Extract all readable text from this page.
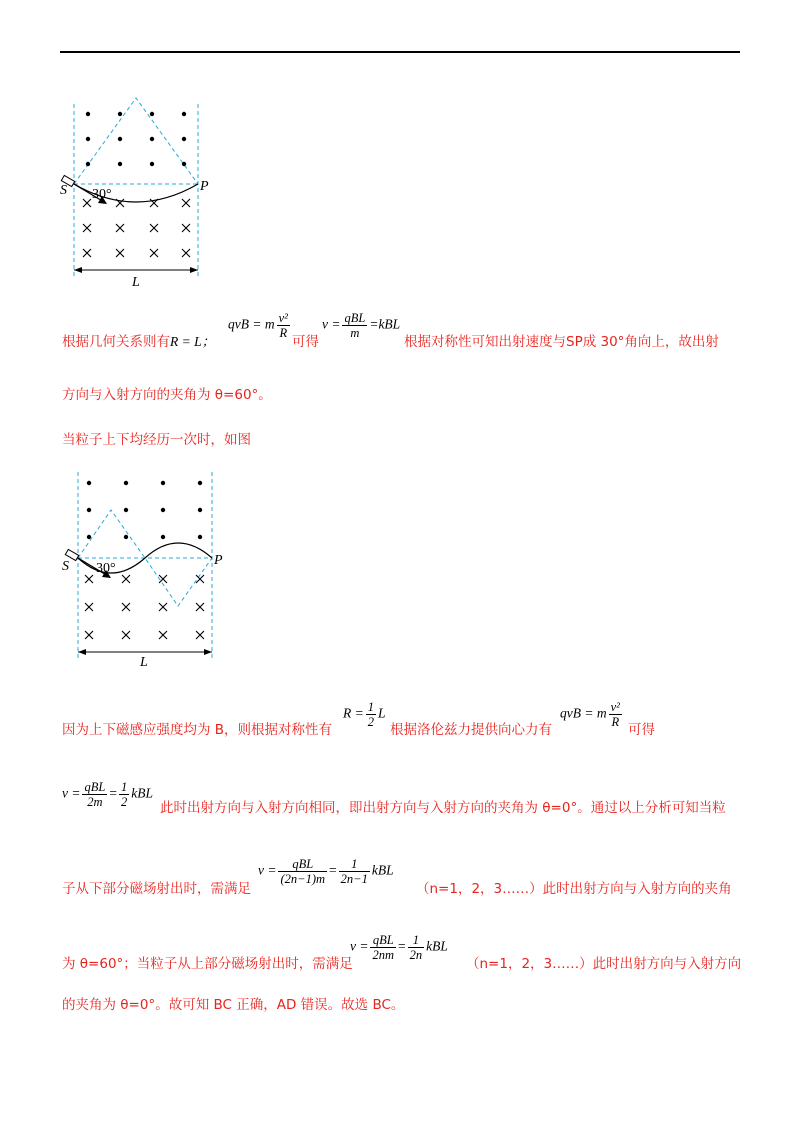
S	P
30°
L
根据几何关系则有R = L；
qvB = m $\frac{\text{v²}}{R}$
可得
$v = \frac{\text{qBL}}{m} =kBL$
根据对称性可知出射速度与SP成 30°角向上，故出射
方向与入射方向的夹角为 θ=60°。
当粒子上下均经历一次时，如图
S	P
30°
L
因为上下磁感应强度均为 B，则根据对称性有
$R = \frac{1}{2}$ L
根据洛伦兹力提供向心力有
qvB = m $\frac{\text{v²}}{R}$
可得
$v = \frac{\text{qBL}}{2m} = \frac{1}{2}$ kBL
此时出射方向与入射方向相同，即出射方向与入射方向的夹角为 θ=0°。通过以上分析可知当粒
子从下部分磁场射出时，需满足
$v = \frac{\text{qBL}}{(2n-1)m} = \frac{1}{2n-1}$ kBL
（n=1，2，3……）此时出射方向与入射方向的夹角
为 θ=60°；当粒子从上部分磁场射出时，需满足
$v = \frac{\text{qBL}}{2nm} = \frac{1}{2n}$ kBL
（n=1，2，3……）此时出射方向与入射方向
的夹角为 θ=0°。故可知 BC 正确，AD 错误。故选 BC。
